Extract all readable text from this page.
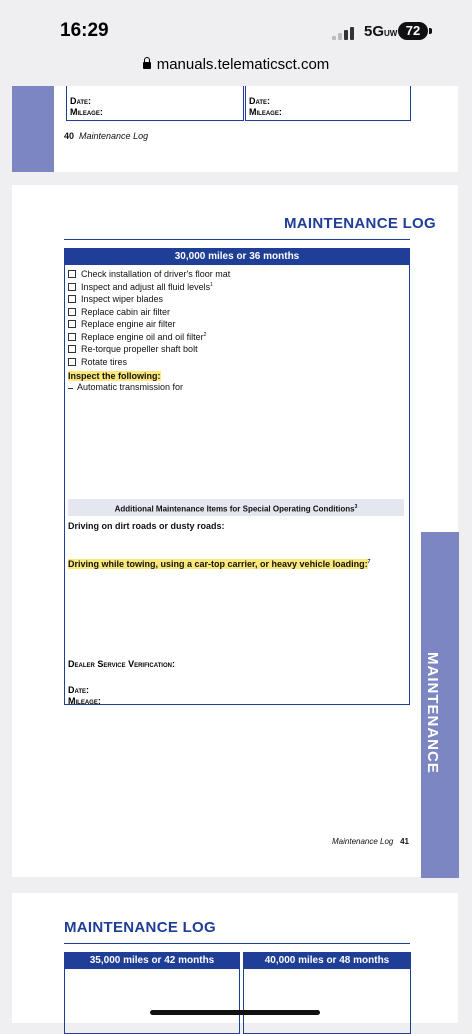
16:29	5GUW 72
manuals.telematicsct.com
Date:
Mileage:
Date:
Mileage:
40 Maintenance Log
MAINTENANCE LOG
30,000 miles or 36 months
Inspect the following:
Additional Maintenance Items for Special Operating Conditions$^3$
Driving on dirt roads or dusty roads:
Driving while towing, using a car-top carrier, or heavy vehicle loading:$^7$
Dealer Service Verification:
Date:
Mileage:
Check installation of driver's floor mat
Inspect and adjust all fluid levels$^1$
Inspect wiper blades
Replace cabin air filter
Replace engine air filter
Replace engine oil and oil filter$^2$
Re-torque propeller shaft bolt
Rotate tires
Automatic transmission for
Maintenance Log 41
MAINTENANCE
MAINTENANCE LOG
35,000 miles or 42 months	40,000 miles or 48 months
